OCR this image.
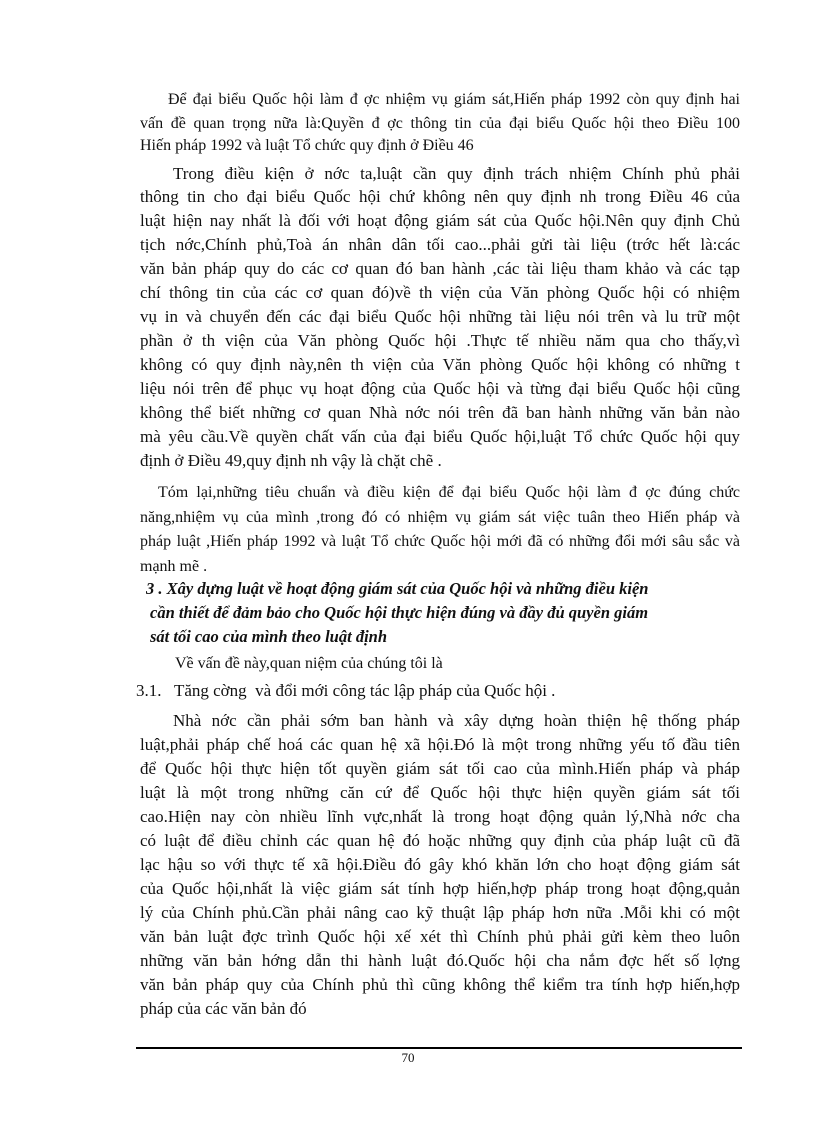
Để đại biểu Quốc hội làm đ ợc nhiệm vụ giám sát,Hiến pháp 1992 còn quy định hai
vấn đề quan trọng nữa là:Quyền đ ợc thông tin của đại biểu Quốc hội theo Điều 100
Hiến pháp 1992 và luật Tổ chức quy định ở Điều 46
Trong điều kiện ở nớc ta,luật cần quy định trách nhiệm Chính phủ phải
thông tin cho đại biểu Quốc hội chứ không nên quy định nh trong Điều 46 của
luật hiện nay nhất là đối với hoạt động giám sát của Quốc hội.Nên quy định Chủ
tịch nớc,Chính phủ,Toà án nhân dân tối cao...phải gửi tài liệu (trớc hết là:các
văn bản pháp quy do các cơ quan đó ban hành ,các tài liệu tham khảo và các tạp
chí thông tin của các cơ quan đó)về th viện của Văn phòng Quốc hội có nhiệm
vụ in và chuyển đến các đại biểu Quốc hội những tài liệu nói trên và lu trữ một
phần ở th viện của Văn phòng Quốc hội .Thực tế nhiều năm qua cho thấy,vì
không có quy định này,nên th viện của Văn phòng Quốc hội không có những t
liệu nói trên để phục vụ hoạt động của Quốc hội và từng đại biểu Quốc hội cũng
không thể biết những cơ quan Nhà nớc nói trên đã ban hành những văn bản nào
mà yêu cầu.Về quyền chất vấn của đại biểu Quốc hội,luật Tổ chức Quốc hội quy
định ở Điều 49,quy định nh vậy là chặt chẽ .
Tóm lại,những tiêu chuẩn và điều kiện để đại biểu Quốc hội làm đ ợc đúng chức
năng,nhiệm vụ của mình ,trong đó có nhiệm vụ giám sát việc tuân theo Hiến pháp và
pháp luật ,Hiến pháp 1992 và luật Tổ chức Quốc hội mới đã có những đổi mới sâu sắc và
mạnh mẽ .
3 . Xây dựng luật về hoạt động giám sát của Quốc hội và những điều kiện
cần thiết để đảm bảo cho Quốc hội thực hiện đúng và đầy đủ quyền giám
sát tối cao của mình theo luật định
Về vấn đề này,quan niệm của chúng tôi là
3.1.   Tăng cờng  và đổi mới công tác lập pháp của Quốc hội .
Nhà nớc cần phải sớm ban hành và xây dựng hoàn thiện hệ thống pháp
luật,phải pháp chế hoá các quan hệ xã hội.Đó là một trong những yếu tố đầu tiên
để Quốc hội thực hiện tốt quyền giám sát tối cao của mình.Hiến pháp và pháp
luật là một trong những căn cứ để Quốc hội thực hiện quyền giám sát tối
cao.Hiện nay còn nhiều lĩnh vực,nhất là trong hoạt động quản lý,Nhà nớc cha
có luật để điều chỉnh các quan hệ đó hoặc những quy định của pháp luật cũ đã
lạc hậu so với thực tế xã hội.Điều đó gây khó khăn lớn cho hoạt động giám sát
của Quốc hội,nhất là việc giám sát tính hợp hiến,hợp pháp trong hoạt động,quản
lý của Chính phủ.Cần phải nâng cao kỹ thuật lập pháp hơn nữa .Mỗi khi có một
văn bản luật đợc trình Quốc hội xế xét thì Chính phủ phải gửi kèm theo luôn
những văn bản hớng dẫn thi hành luật đó.Quốc hội cha nắm đợc hết số lợng
văn bản pháp quy của Chính phủ thì cũng không thể kiểm tra tính hợp hiến,hợp
pháp của các văn bản đó
70
